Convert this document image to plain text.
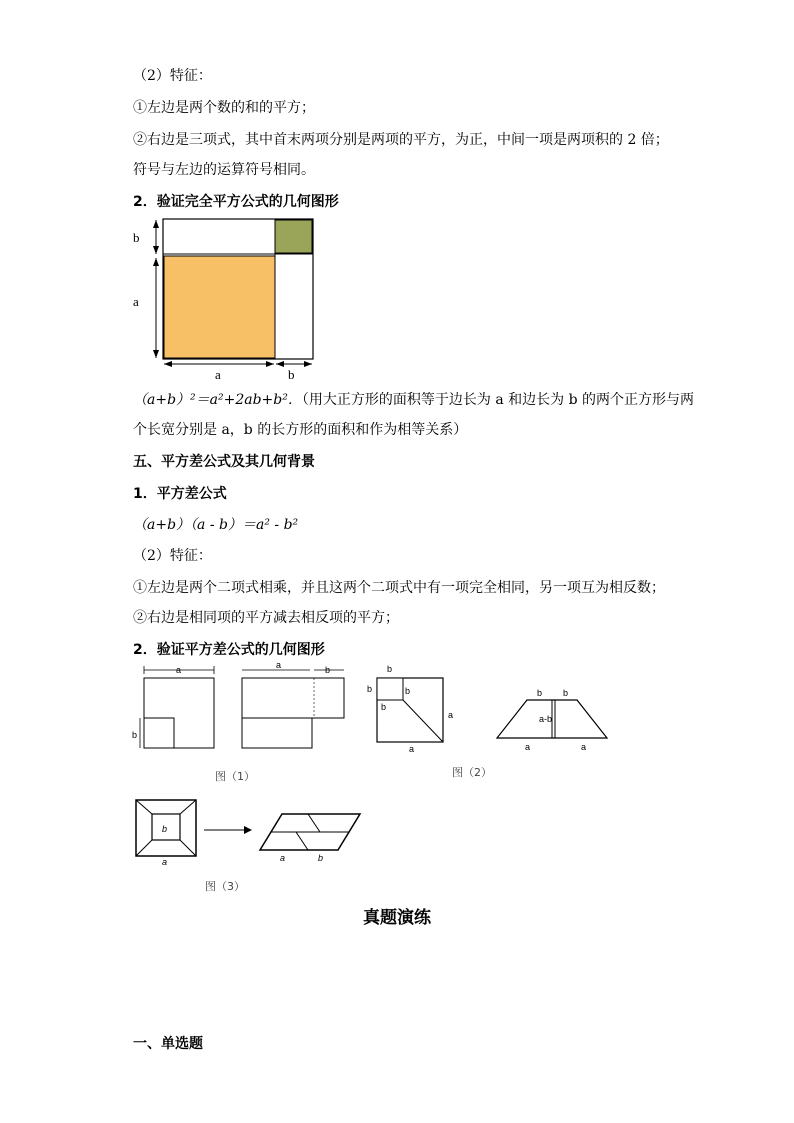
（2）特征：
①左边是两个数的和的平方；
②右边是三项式，其中首末两项分别是两项的平方，为正，中间一项是两项积的 2 倍；
符号与左边的运算符号相同。
2．验证完全平方公式的几何图形
b
a
a	b
（a+b）²＝a²+2ab+b²．（用大正方形的面积等于边长为 a 和边长为 b 的两个正方形与两
个长宽分别是 a，b 的长方形的面积和作为相等关系）
五、平方差公式及其几何背景
1．平方差公式
（a+b）（a - b）＝a² - b²
（2）特征：
①左边是两个二项式相乘，并且这两个二项式中有一项完全相同，另一项互为相反数；
②右边是相同项的平方减去相反项的平方；
2．验证平方差公式的几何图形
a
b
a	b
图（1）
b
b	b
b
a
a
b b
a-b
a	a
图（2）
b
a	a	b
图（3）
真题演练
一、单选题
